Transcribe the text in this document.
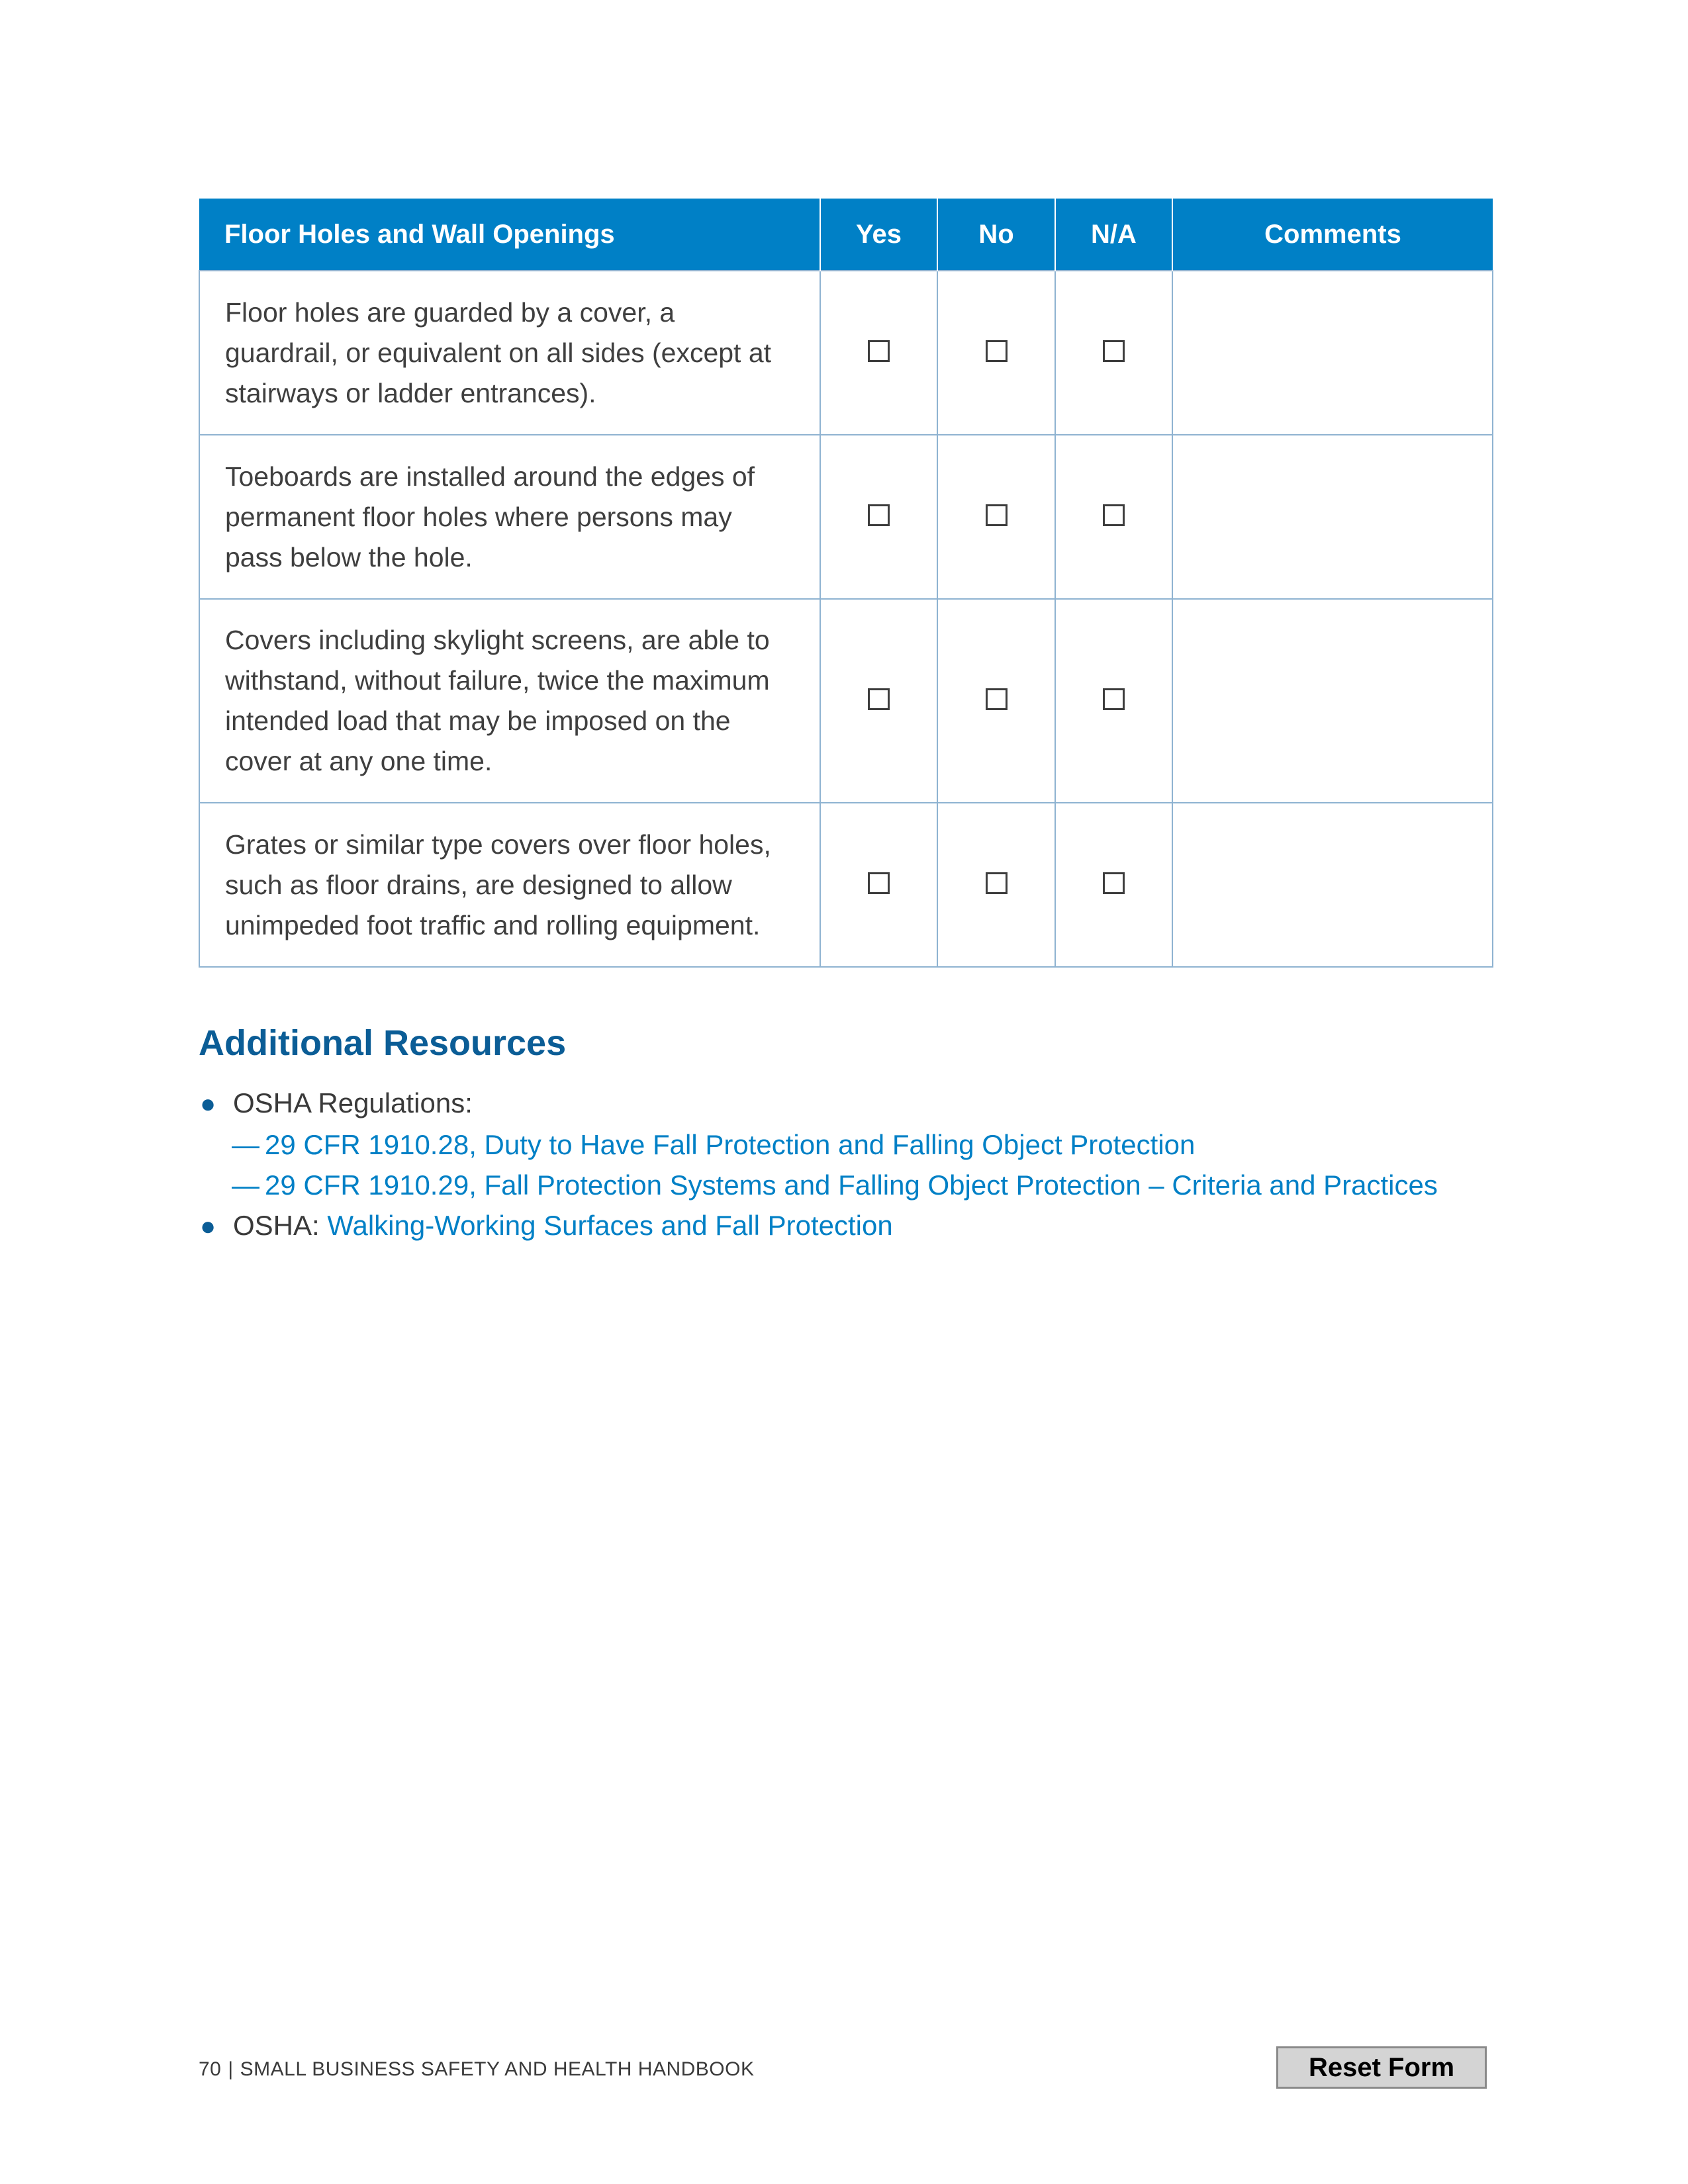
Floor Holes and Wall Openings	Yes	No	N/A	Comments
Floor holes are guarded by a cover, a guardrail, or equivalent on all sides (except at stairways or ladder entrances).				
Toeboards are installed around the edges of permanent floor holes where persons may pass below the hole.				
Covers including skylight screens, are able to withstand, without failure, twice the maximum intended load that may be imposed on the cover at any one time.				
Grates or similar type covers over floor holes, such as floor drains, are designed to allow unimpeded foot traffic and rolling equipment.				
Additional Resources
● OSHA Regulations:
— 29 CFR 1910.28, Duty to Have Fall Protection and Falling Object Protection
— 29 CFR 1910.29, Fall Protection Systems and Falling Object Protection – Criteria and Practices
● OSHA: Walking-Working Surfaces and Fall Protection
70 | SMALL BUSINESS SAFETY AND HEALTH HANDBOOK	Reset Form
